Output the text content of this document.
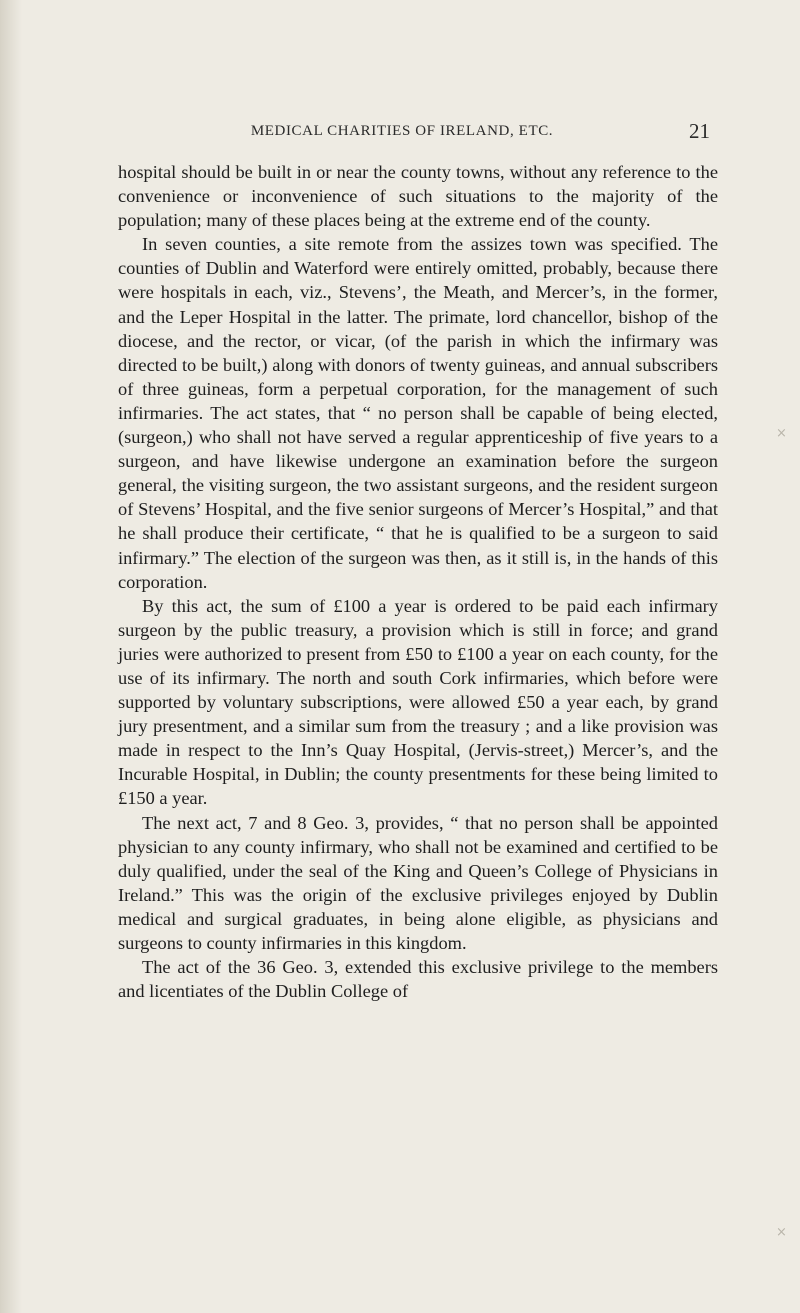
MEDICAL CHARITIES OF IRELAND, ETC.	21

hospital should be built in or near the county towns, without any reference to the convenience or inconvenience of such situations to the majority of the population; many of these places being at the extreme end of the county.

In seven counties, a site remote from the assizes town was specified. The counties of Dublin and Waterford were entirely omitted, probably, because there were hospitals in each, viz., Stevens’, the Meath, and Mercer’s, in the former, and the Leper Hospital in the latter. The primate, lord chancellor, bishop of the diocese, and the rector, or vicar, (of the parish in which the infirmary was directed to be built,) along with donors of twenty guineas, and annual subscribers of three guineas, form a perpetual corporation, for the management of such infirmaries. The act states, that “ no person shall be capable of being elected, (surgeon,) who shall not have served a regular apprenticeship of five years to a surgeon, and have likewise undergone an examination before the surgeon general, the visiting surgeon, the two assistant surgeons, and the resident surgeon of Stevens’ Hospital, and the five senior surgeons of Mercer’s Hospital,” and that he shall produce their certificate, “ that he is qualified to be a surgeon to said infirmary.” The election of the surgeon was then, as it still is, in the hands of this corporation.

By this act, the sum of £100 a year is ordered to be paid each infirmary surgeon by the public treasury, a provision which is still in force; and grand juries were authorized to present from £50 to £100 a year on each county, for the use of its infirmary. The north and south Cork infirmaries, which before were supported by voluntary subscriptions, were allowed £50 a year each, by grand jury presentment, and a similar sum from the treasury ; and a like provision was made in respect to the Inn’s Quay Hospital, (Jervis-street,) Mercer’s, and the Incurable Hospital, in Dublin; the county presentments for these being limited to £150 a year.

The next act, 7 and 8 Geo. 3, provides, “ that no person shall be appointed physician to any county infirmary, who shall not be examined and certified to be duly qualified, under the seal of the King and Queen’s College of Physicians in Ireland.” This was the origin of the exclusive privileges enjoyed by Dublin medical and surgical graduates, in being alone eligible, as physicians and surgeons to county infirmaries in this kingdom.

The act of the 36 Geo. 3, extended this exclusive privilege to the members and licentiates of the Dublin College of

×
×
